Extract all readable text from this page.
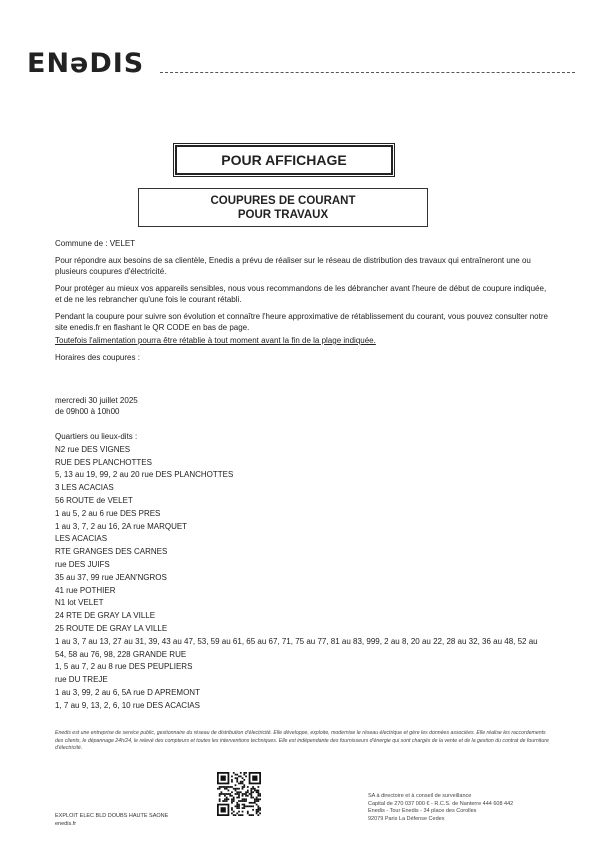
ENəDIS
POUR AFFICHAGE
COUPURES DE COURANT
POUR TRAVAUX

Commune de : VELET

Pour répondre aux besoins de sa clientèle, Enedis a prévu de réaliser sur le réseau de distribution des travaux qui entraîneront une ou plusieurs coupures d'électricité.

Pour protéger au mieux vos appareils sensibles, nous vous recommandons de les débrancher avant l'heure de début de coupure indiquée, et de ne les rebrancher qu'une fois le courant rétabli.

Pendant la coupure pour suivre son évolution et connaître l'heure approximative de rétablissement du courant, vous pouvez consulter notre site enedis.fr en flashant le QR CODE en bas de page.

Toutefois l'alimentation pourra être rétablie à tout moment avant la fin de la plage indiquée.

Horaires des coupures :

mercredi 30 juillet 2025
de 09h00 à 10h00
Quartiers ou lieux-dits :
N2 rue DES VIGNES
RUE DES PLANCHOTTES
5, 13 au 19, 99, 2 au 20 rue DES PLANCHOTTES
3 LES ACACIAS
56 ROUTE de VELET
1 au 5, 2 au 6 rue DES PRES
1 au 3, 7, 2 au 16, 2A rue MARQUET
LES ACACIAS
RTE GRANGES DES CARNES
rue DES JUIFS
35 au 37, 99 rue JEAN'NGROS
41 rue POTHIER
N1 lot VELET
24 RTE DE GRAY LA VILLE
25 ROUTE DE GRAY LA VILLE
1 au 3, 7 au 13, 27 au 31, 39, 43 au 47, 53, 59 au 61, 65 au 67, 71, 75 au 77, 81 au 83, 999, 2 au 8, 20 au 22, 28 au 32, 36 au 48, 52 au 54, 58 au 76, 98, 228 GRANDE RUE
1, 5 au 7, 2 au 8 rue DES PEUPLIERS
rue DU TREJE
1 au 3, 99, 2 au 6, 5A rue D APREMONT
1, 7 au 9, 13, 2, 6, 10 rue DES ACACIAS
Enedis est une entreprise de service public, gestionnaire du réseau de distribution d'électricité. Elle développe, exploite, modernise le réseau électrique et gère les données associées. Elle réalise les raccordements des clients, le dépannage 24h/24, le relevé des compteurs et toutes les interventions techniques. Elle est indépendante des fournisseurs d'énergie qui sont chargés de la vente et de la gestion du contrat de fourniture d'électricité.
EXPLOIT ELEC BLD DOUBS HAUTE SAONE
enedis.fr
SA à directoire et à conseil de surveillance
Capital de 270 037 000 € - R.C.S. de Nanterre 444 608 442
Enedis - Tour Enedis - 34 place des Corolles
92079 Paris La Défense Cedex
